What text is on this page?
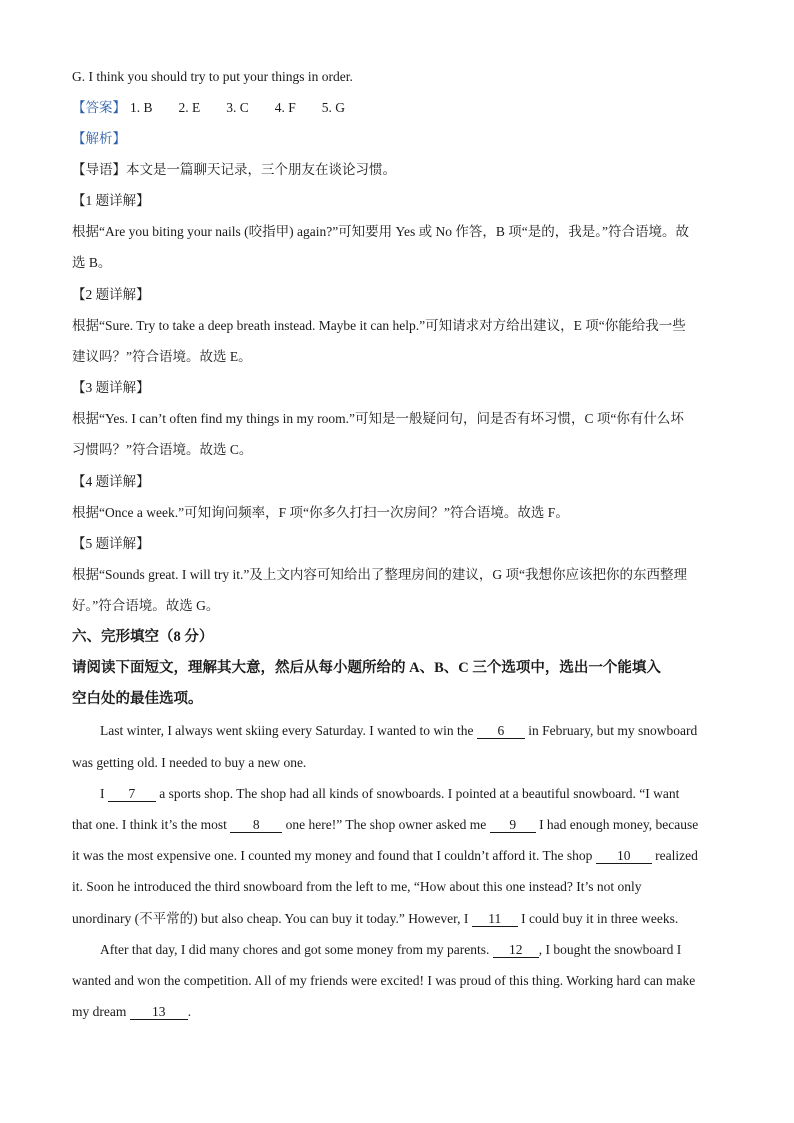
G. I think you should try to put your things in order.
【答案】 1. B 2. E 3. C 4. F 5. G
【解析】
【导语】本文是一篇聊天记录，三个朋友在谈论习惯。
【1 题详解】
根据“Are you biting your nails (咬指甲) again?”可知要用 Yes 或 No 作答，B 项“是的，我是。”符合语境。故
选 B。
【2 题详解】
根据“Sure. Try to take a deep breath instead. Maybe it can help.”可知请求对方给出建议，E 项“你能给我一些
建议吗？”符合语境。故选 E。
【3 题详解】
根据“Yes. I can’t often find my things in my room.”可知是一般疑问句，问是否有坏习惯，C 项“你有什么坏
习惯吗？”符合语境。故选 C。
【4 题详解】
根据“Once a week.”可知询问频率，F 项“你多久打扫一次房间？”符合语境。故选 F。
【5 题详解】
根据“Sounds great. I will try it.”及上文内容可知给出了整理房间的建议，G 项“我想你应该把你的东西整理
好。”符合语境。故选 G。
六、完形填空（8 分）
请阅读下面短文，理解其大意，然后从每小题所给的 A、B、C 三个选项中，选出一个能填入
空白处的最佳选项。
Last winter, I always went skiing every Saturday. I wanted to win the 6 in February, but my snowboard
was getting old. I needed to buy a new one.
I 7 a sports shop. The shop had all kinds of snowboards. I pointed at a beautiful snowboard. “I want
that one. I think it’s the most 8 one here!” The shop owner asked me 9 I had enough money, because
it was the most expensive one. I counted my money and found that I couldn’t afford it. The shop 10 realized
it. Soon he introduced the third snowboard from the left to me, “How about this one instead? It’s not only
unordinary (不平常的) but also cheap. You can buy it today.” However, I 11 I could buy it in three weeks.
After that day, I did many chores and got some money from my parents. 12 , I bought the snowboard I
wanted and won the competition. All of my friends were excited! I was proud of this thing. Working hard can make
my dream 13 .
